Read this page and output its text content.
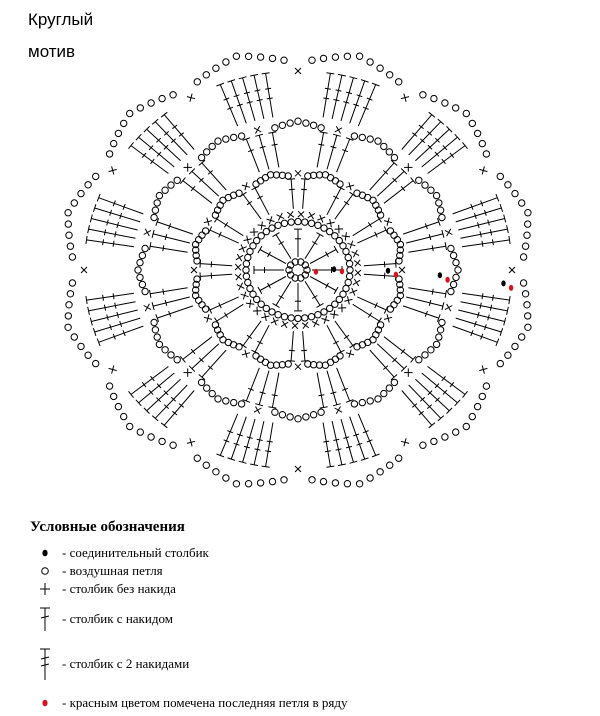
Круглый
мотив
Условные обозначения
- соединительный столбик
- воздушная петля
- столбик без накида
- столбик с накидом
- столбик с 2 накидами
- красным цветом помечена последняя петля в ряду
